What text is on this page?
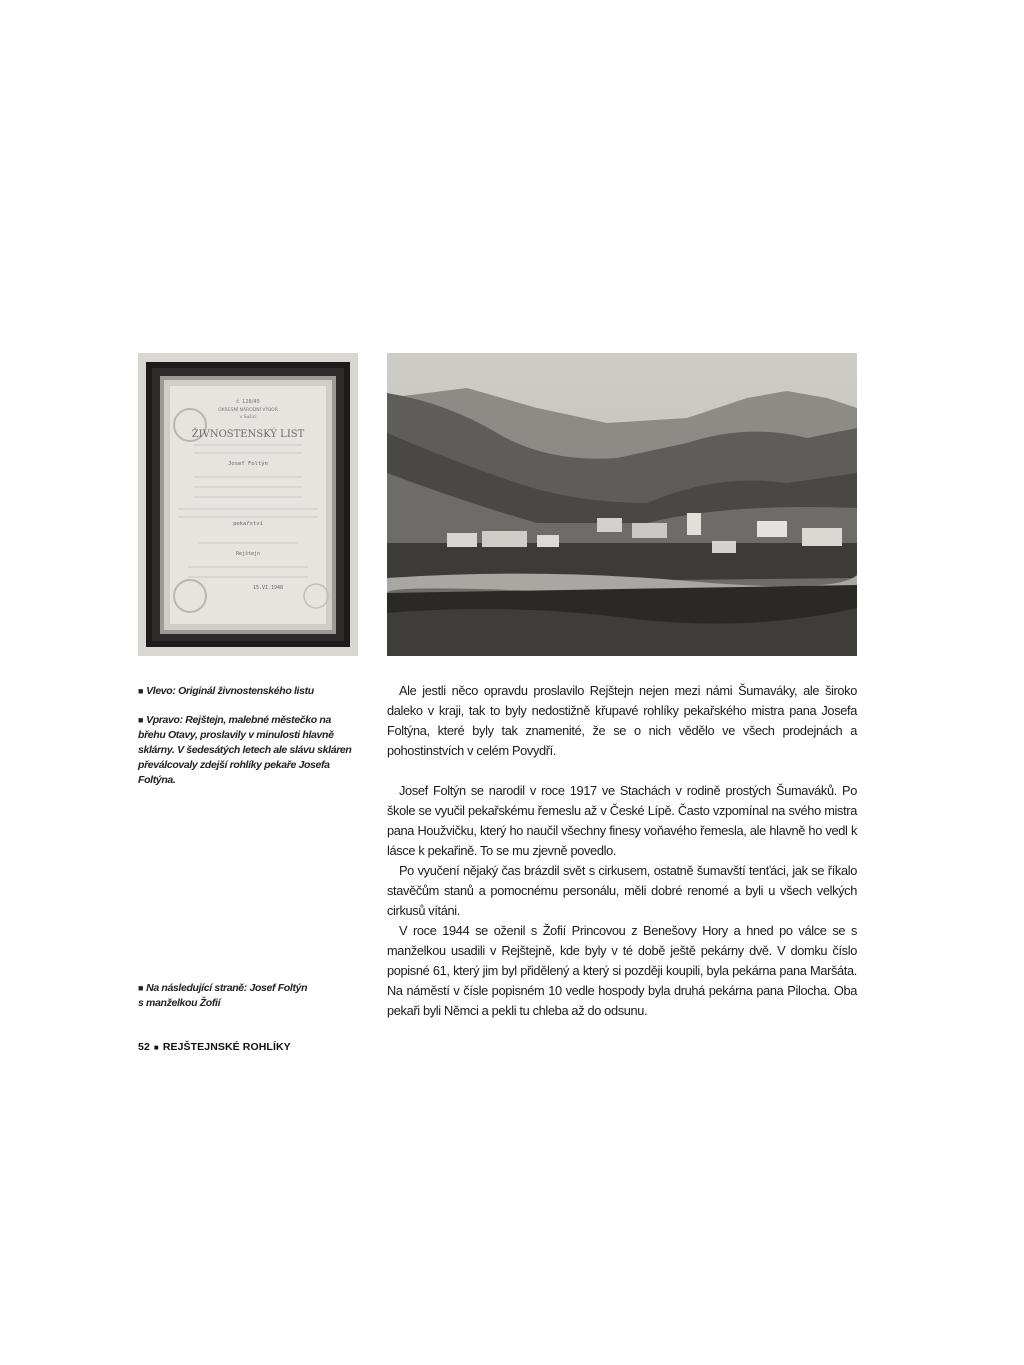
č. 128/45
OKRESNÍ NÁRODNÍ VÝBOR
v Sušici
ŽIVNOSTENSKÝ LIST
Josef Foltýn
pekařství
Rejštejn
15.VI.1948
■ Vlevo: Originál živnostenského listu
■ Vpravo: Rejštejn, malebné městečko na
břehu Otavy, proslavily v minulosti hlavně
sklárny. V šedesátých letech ale slávu skláren
převálcovaly zdejší rohlíky pekaře Josefa Foltýna.
■ Na následující straně: Josef Foltýn
s manželkou Žofií

Ale jestli něco opravdu proslavilo Rejštejn nejen mezi námi Šumaváky, ale široko daleko v kraji, tak to byly nedostižně křupavé rohlíky pekařského mistra pana Josefa Foltýna, které byly tak znamenité, že se o nich vědělo ve všech prodejnách a pohostinstvích v celém Povydří.

Josef Foltýn se narodil v roce 1917 ve Stachách v rodině prostých Šumaváků. Po škole se vyučil pekařskému řemeslu až v České Lípě. Často vzpomínal na svého mistra pana Houžvičku, který ho naučil všechny finesy voňavého řemesla, ale hlavně ho vedl k lásce k pekařině. To se mu zjevně povedlo.

Po vyučení nějaký čas brázdil svět s cirkusem, ostatně šumavští tenťáci, jak se říkalo stavěčům stanů a pomocnému personálu, měli dobré renomé a byli u všech velkých cirkusů vítáni.

V roce 1944 se oženil s Žofií Princovou z Benešovy Hory a hned po válce se s manželkou usadili v Rejštejně, kde byly v té době ještě pekárny dvě. V domku číslo popisné 61, který jim byl přidělený a který si později koupili, byla pekárna pana Maršáta. Na náměstí v čísle popisném 10 vedle hospody byla druhá pekárna pana Pilocha. Oba pekaři byli Němci a pekli tu chleba až do odsunu.

52 ■ REJŠTEJNSKÉ ROHLÍKY
